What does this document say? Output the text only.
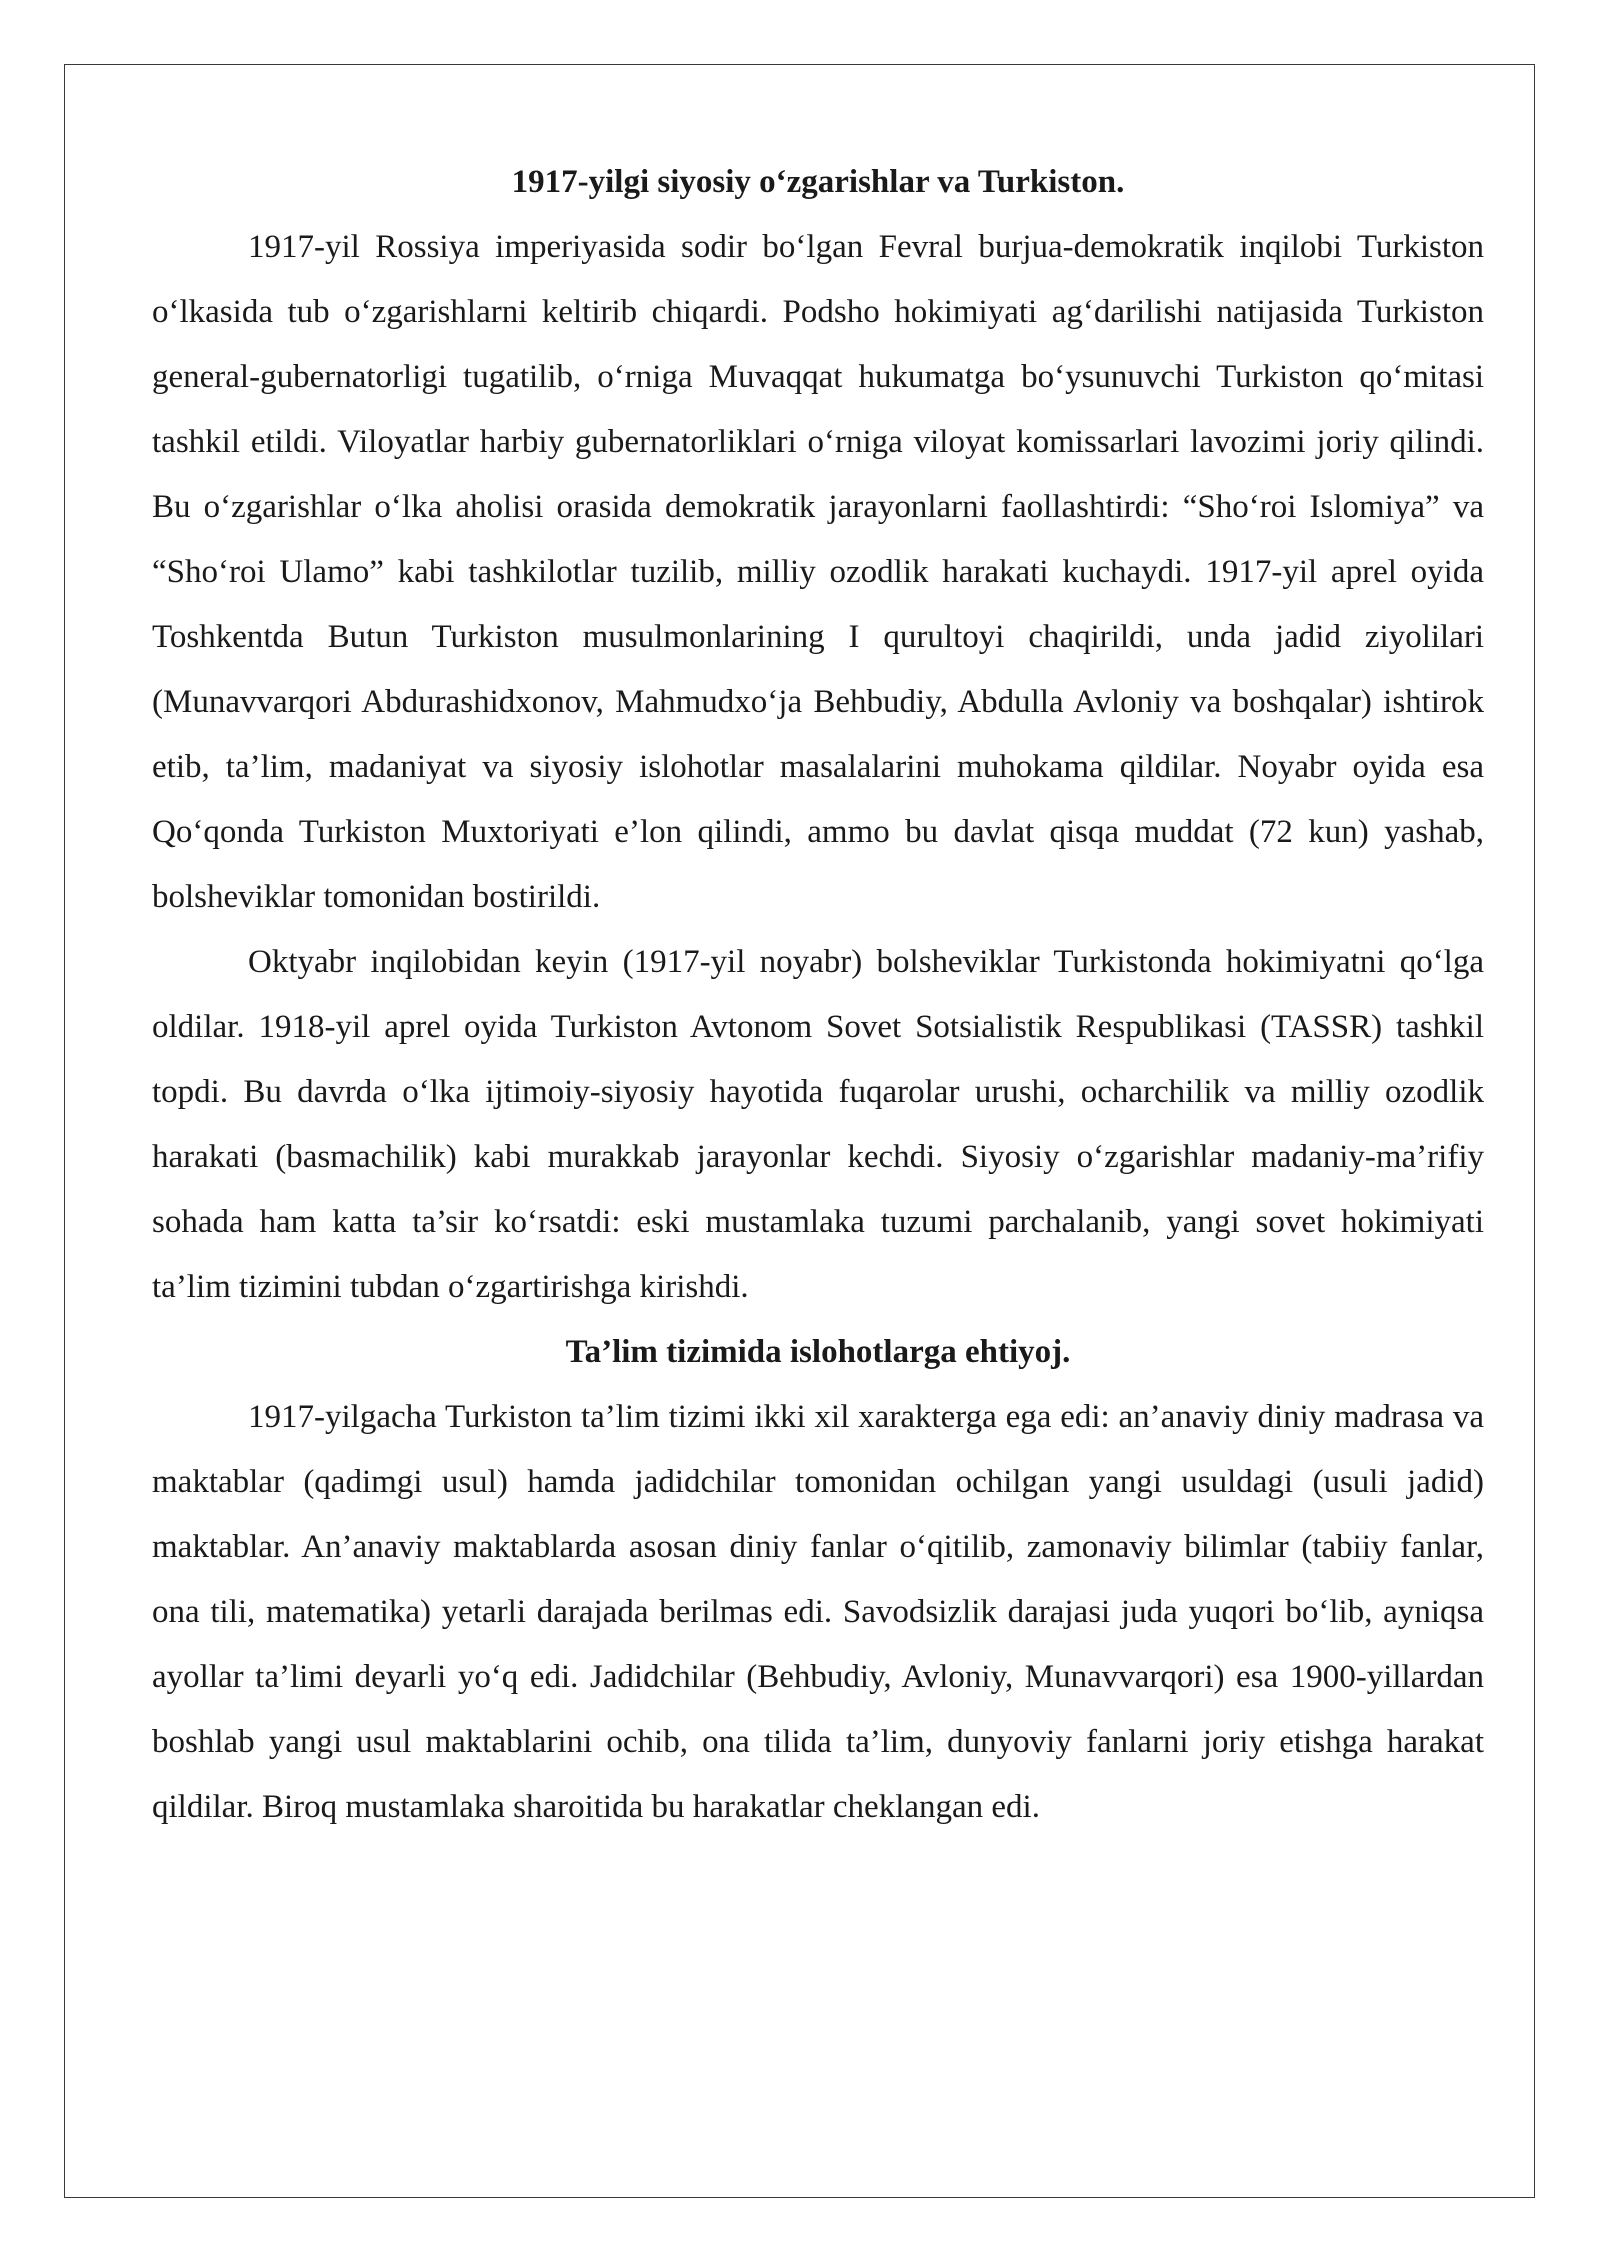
1917-yilgi siyosiy oʻzgarishlar va Turkiston.

1917-yil Rossiya imperiyasida sodir boʻlgan Fevral burjua-demokratik inqilobi Turkiston oʻlkasida tub oʻzgarishlarni keltirib chiqardi. Podsho hokimiyati agʻdarilishi natijasida Turkiston general-gubernatorligi tugatilib, oʻrniga Muvaqqat hukumatga boʻysunuvchi Turkiston qoʻmitasi tashkil etildi. Viloyatlar harbiy gubernatorliklari oʻrniga viloyat komissarlari lavozimi joriy qilindi. Bu oʻzgarishlar oʻlka aholisi orasida demokratik jarayonlarni faollashtirdi: “Shoʻroi Islomiya” va “Shoʻroi Ulamo” kabi tashkilotlar tuzilib, milliy ozodlik harakati kuchaydi. 1917-yil aprel oyida Toshkentda Butun Turkiston musulmonlarining I qurultoyi chaqirildi, unda jadid ziyolilari (Munavvarqori Abdurashidxonov, Mahmudxoʻja Behbudiy, Abdulla Avloniy va boshqalar) ishtirok etib, ta’lim, madaniyat va siyosiy islohotlar masalalarini muhokama qildilar. Noyabr oyida esa Qoʻqonda Turkiston Muxtoriyati e’lon qilindi, ammo bu davlat qisqa muddat (72 kun) yashab, bolsheviklar tomonidan bostirildi.

Oktyabr inqilobidan keyin (1917-yil noyabr) bolsheviklar Turkistonda hokimiyatni qoʻlga oldilar. 1918-yil aprel oyida Turkiston Avtonom Sovet Sotsialistik Respublikasi (TASSR) tashkil topdi. Bu davrda oʻlka ijtimoiy-siyosiy hayotida fuqarolar urushi, ocharchilik va milliy ozodlik harakati (basmachilik) kabi murakkab jarayonlar kechdi. Siyosiy oʻzgarishlar madaniy-ma’rifiy sohada ham katta ta’sir koʻrsatdi: eski mustamlaka tuzumi parchalanib, yangi sovet hokimiyati ta’lim tizimini tubdan oʻzgartirishga kirishdi.

Ta’lim tizimida islohotlarga ehtiyoj.

1917-yilgacha Turkiston ta’lim tizimi ikki xil xarakterga ega edi: an’anaviy diniy madrasa va maktablar (qadimgi usul) hamda jadidchilar tomonidan ochilgan yangi usuldagi (usuli jadid) maktablar. An’anaviy maktablarda asosan diniy fanlar oʻqitilib, zamonaviy bilimlar (tabiiy fanlar, ona tili, matematika) yetarli darajada berilmas edi. Savodsizlik darajasi juda yuqori boʻlib, ayniqsa ayollar ta’limi deyarli yoʻq edi. Jadidchilar (Behbudiy, Avloniy, Munavvarqori) esa 1900-yillardan boshlab yangi usul maktablarini ochib, ona tilida ta’lim, dunyoviy fanlarni joriy etishga harakat qildilar. Biroq mustamlaka sharoitida bu harakatlar cheklangan edi.
